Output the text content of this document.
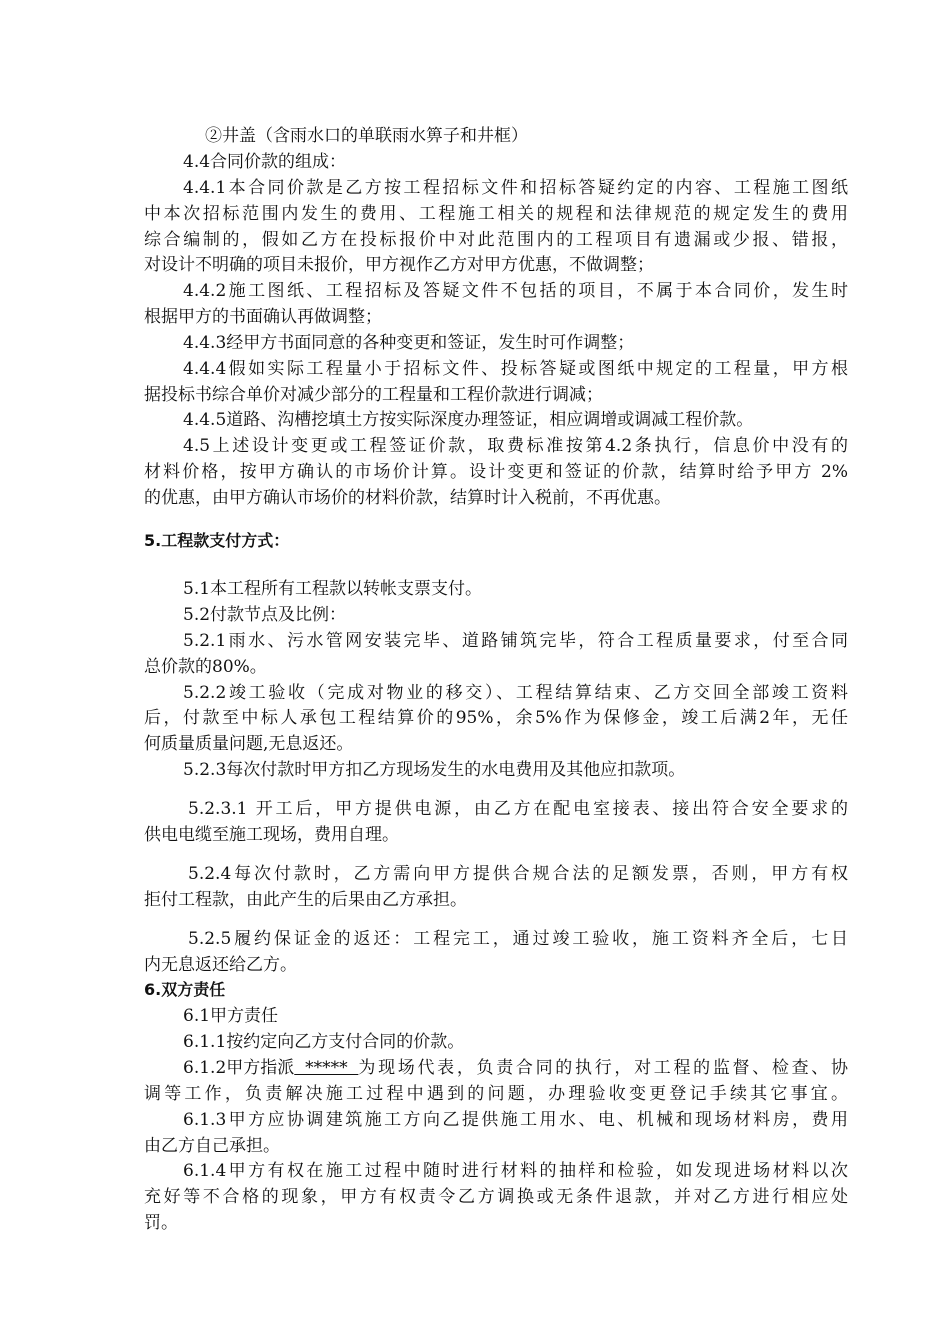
②井盖（含雨水口的单联雨水箅子和井框）
4.4合同价款的组成：
4.4.1本合同价款是乙方按工程招标文件和招标答疑约定的内容、工程施工图纸
中本次招标范围内发生的费用、工程施工相关的规程和法律规范的规定发生的费用
综合编制的，假如乙方在投标报价中对此范围内的工程项目有遗漏或少报、错报，
对设计不明确的项目未报价，甲方视作乙方对甲方优惠，不做调整；
4.4.2施工图纸、工程招标及答疑文件不包括的项目，不属于本合同价，发生时
根据甲方的书面确认再做调整；
4.4.3经甲方书面同意的各种变更和签证，发生时可作调整；
4.4.4假如实际工程量小于招标文件、投标答疑或图纸中规定的工程量，甲方根
据投标书综合单价对减少部分的工程量和工程价款进行调减；
4.4.5道路、沟槽挖填土方按实际深度办理签证，相应调增或调减工程价款。
4.5上述设计变更或工程签证价款，取费标准按第4.2条执行，信息价中没有的
材料价格，按甲方确认的市场价计算。设计变更和签证的价款，结算时给予甲方 2%
的优惠，由甲方确认市场价的材料价款，结算时计入税前，不再优惠。
5.工程款支付方式：
5.1本工程所有工程款以转帐支票支付。
5.2付款节点及比例：
5.2.1雨水、污水管网安装完毕、道路铺筑完毕，符合工程质量要求，付至合同
总价款的80%。
5.2.2竣工验收（完成对物业的移交）、工程结算结束、乙方交回全部竣工资料
后，付款至中标人承包工程结算价的95%，余5%作为保修金，竣工后满2年，无任
何质量质量问题,无息返还。
5.2.3每次付款时甲方扣乙方现场发生的水电费用及其他应扣款项。
5.2.3.1 开工后，甲方提供电源，由乙方在配电室接表、接出符合安全要求的
供电电缆至施工现场，费用自理。
5.2.4每次付款时，乙方需向甲方提供合规合法的足额发票，否则，甲方有权
拒付工程款，由此产生的后果由乙方承担。
5.2.5履约保证金的返还：工程完工，通过竣工验收，施工资料齐全后，七日
内无息返还给乙方。
6.双方责任
6.1甲方责任
6.1.1按约定向乙方支付合同的价款。
6.1.2甲方指派 ***** 为现场代表，负责合同的执行，对工程的监督、检查、协
调等工作，负责解决施工过程中遇到的问题，办理验收变更登记手续其它事宜。
6.1.3甲方应协调建筑施工方向乙提供施工用水、电、机械和现场材料房，费用
由乙方自己承担。
6.1.4甲方有权在施工过程中随时进行材料的抽样和检验，如发现进场材料以次
充好等不合格的现象，甲方有权责令乙方调换或无条件退款，并对乙方进行相应处
罚。
